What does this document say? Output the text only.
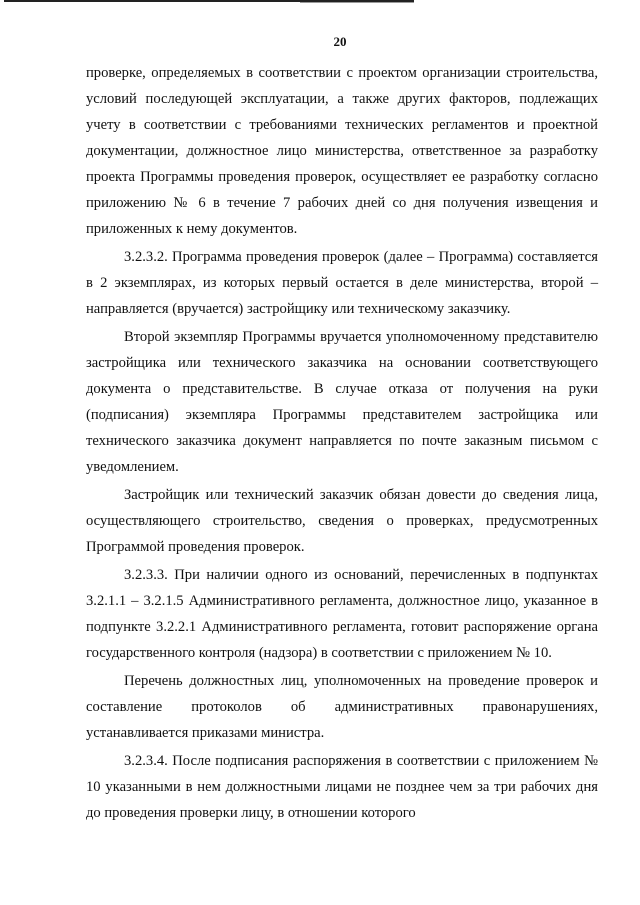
20

проверке, определяемых в соответствии с проектом организации строительства, условий последующей эксплуатации, а также других факторов, подлежащих учету в соответствии с требованиями технических регламентов и проектной документации, должностное лицо министерства, ответственное за разработку проекта Программы проведения проверок, осуществляет ее разработку согласно приложению № 6 в течение 7 рабочих дней со дня получения извещения и приложенных к нему документов.

3.2.3.2. Программа проведения проверок (далее – Программа) составляется в 2 экземплярах, из которых первый остается в деле министерства, второй – направляется (вручается) застройщику или техническому заказчику.

Второй экземпляр Программы вручается уполномоченному представителю застройщика или технического заказчика на основании соответствующего документа о представительстве. В случае отказа от получения на руки (подписания) экземпляра Программы представителем застройщика или технического заказчика документ направляется по почте заказным письмом с уведомлением.

Застройщик или технический заказчик обязан довести до сведения лица, осуществляющего строительство, сведения о проверках, предусмотренных Программой проведения проверок.

3.2.3.3. При наличии одного из оснований, перечисленных в подпунктах 3.2.1.1 – 3.2.1.5 Административного регламента, должностное лицо, указанное в подпункте 3.2.2.1 Административного регламента, готовит распоряжение органа государственного контроля (надзора) в соответствии с приложением № 10.

Перечень должностных лиц, уполномоченных на проведение проверок и составление протоколов об административных правонарушениях, устанавливается приказами министра.

3.2.3.4. После подписания распоряжения в соответствии с приложением № 10 указанными в нем должностными лицами не позднее чем за три рабочих дня до проведения проверки лицу, в отношении которого
